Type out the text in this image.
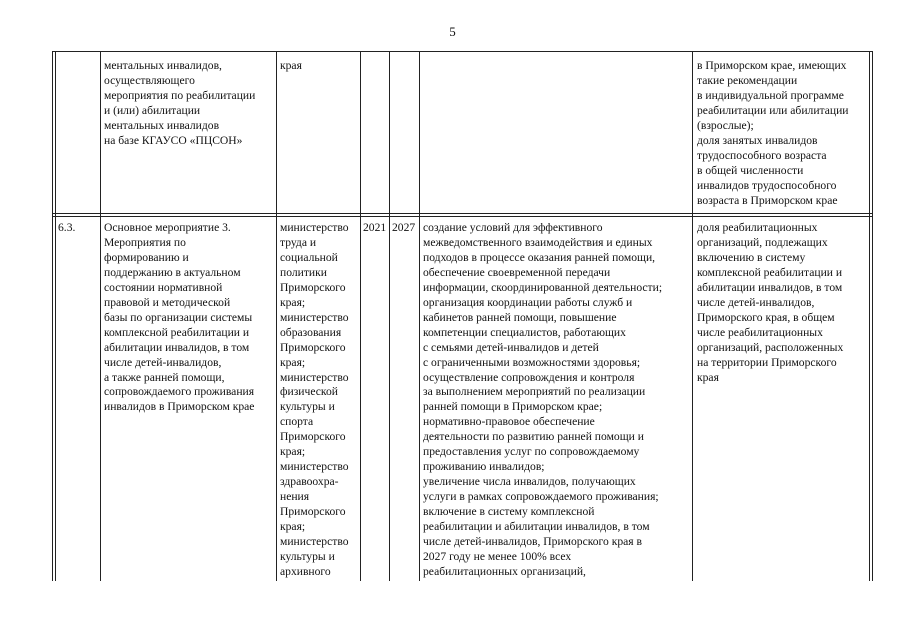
5
ментальных инвалидов,
осуществляющего
мероприятия по реабилитации
и (или) абилитации
ментальных инвалидов
на базе КГАУСО «ПЦСОН»
края	в Приморском крае, имеющих
такие рекомендации
в индивидуальной программе
реабилитации или абилитации
(взрослые);
доля занятых инвалидов
трудоспособного возраста
в общей численности
инвалидов трудоспособного
возраста в Приморском крае
6.3. Основное мероприятие 3.
Мероприятия по
формированию и
поддержанию в актуальном
состоянии нормативной
правовой и методической
базы по организации системы
комплексной реабилитации и
абилитации инвалидов, в том
числе детей-инвалидов,
а также ранней помощи,
сопровождаемого проживания
инвалидов в Приморском крае
министерство
труда и
социальной
политики
Приморского
края;
министерство
образования
Приморского
края;
министерство
физической
культуры и
спорта
Приморского
края;
министерство
здравоохра-
нения
Приморского
края;
министерство
культуры и
архивного
2021 2027 создание условий для эффективного
межведомственного взаимодействия и единых
подходов в процессе оказания ранней помощи,
обеспечение своевременной передачи
информации, скоординированной деятельности;
организация координации работы служб и
кабинетов ранней помощи, повышение
компетенции специалистов, работающих
с семьями детей-инвалидов и детей
с ограниченными возможностями здоровья;
осуществление сопровождения и контроля
за выполнением мероприятий по реализации
ранней помощи в Приморском крае;
нормативно-правовое обеспечение
деятельности по развитию ранней помощи и
предоставления услуг по сопровождаемому
проживанию инвалидов;
увеличение числа инвалидов, получающих
услуги в рамках сопровождаемого проживания;
включение в систему комплексной
реабилитации и абилитации инвалидов, в том
числе детей-инвалидов, Приморского края в
2027 году не менее 100% всех
реабилитационных организаций,
доля реабилитационных
организаций, подлежащих
включению в систему
комплексной реабилитации и
абилитации инвалидов, в том
числе детей-инвалидов,
Приморского края, в общем
числе реабилитационных
организаций, расположенных
на территории Приморского
края
